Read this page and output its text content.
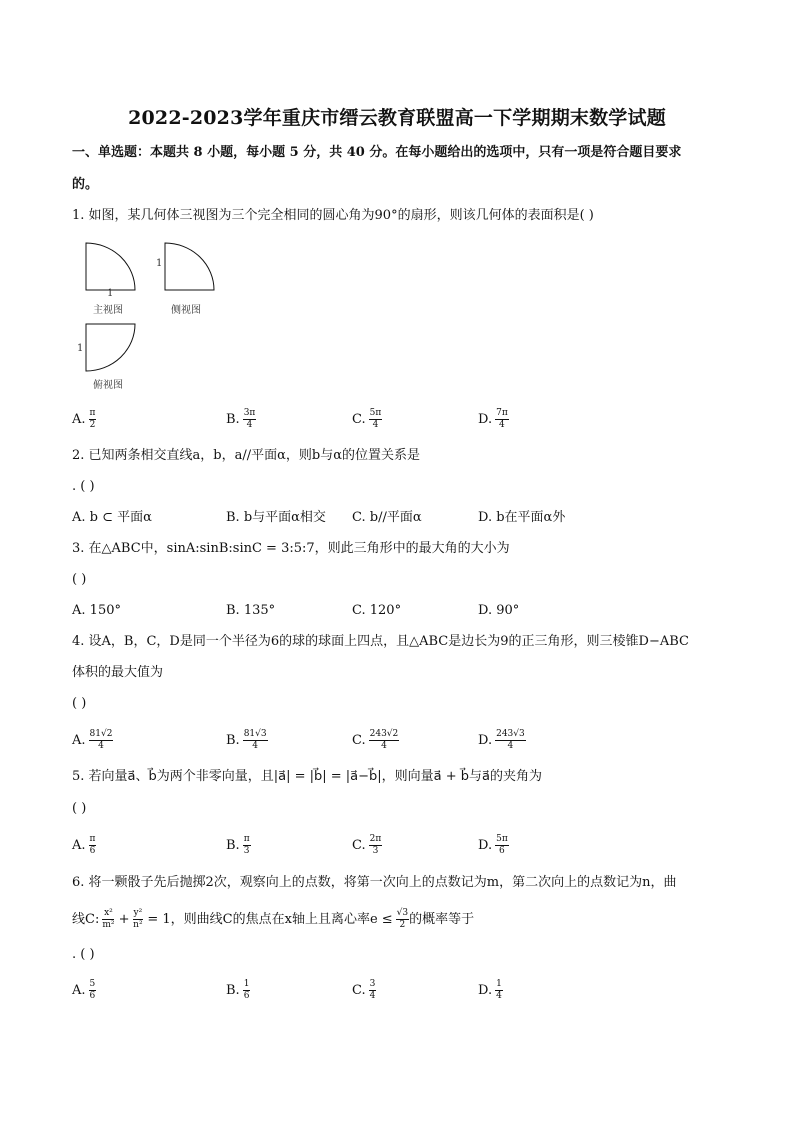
2022-2023学年重庆市缙云教育联盟高一下学期期末数学试题
一、单选题：本题共 8 小题，每小题 5 分，共 40 分。在每小题给出的选项中，只有一项是符合题目要求
的。
1. 如图，某几何体三视图为三个完全相同的圆心角为90°的扇形，则该几何体的表面积是( )
1
1
1
主视图	侧视图
俯视图
A. $\frac{\pi}{2}$	B. $\frac{3\pi}{4}$	C. $\frac{5\pi}{4}$	D. $\frac{7\pi}{4}$
2. 已知两条相交直线a，b，a//平面α，则b与α的位置关系是
. ( )
A. b ⊂ 平面α	B. b与平面α相交 C. b//平面α	D. b在平面α外
3. 在△ABC中，sinA:sinB:sinC = 3:5:7，则此三角形中的最大角的大小为
( )
A. 150°	B. 135°	C. 120°	D. 90°
4. 设A，B，C，D是同一个半径为6的球的球面上四点，且△ABC是边长为9的正三角形，则三棱锥D−ABC
体积的最大值为
( )
A. $\frac{81√2}{4}$	B. $\frac{81√3}{4}$	C. $\frac{243√2}{4}$	D. $\frac{243√3}{4}$
5. 若向量a⃗、b⃗为两个非零向量，且|a⃗| = |b⃗| = |a⃗−b⃗|，则向量a⃗ + b⃗与a⃗的夹角为
( )
A. $\frac{\pi}{6}$	B. $\frac{\pi}{3}$	C. $\frac{2\pi}{3}$	D. $\frac{5\pi}{6}$
6. 将一颗骰子先后抛掷2次，观察向上的点数，将第一次向上的点数记为m，第二次向上的点数记为n，曲
线C: $\frac{\text{x²}}{\text{m²}} + \frac{\text{y²}}{\text{n²}} = 1$，则曲线C的焦点在x轴上且离心率$e \le \frac{√3}{2}$ 的概率等于
. ( )
A. $\frac{5}{6}$	B. $\frac{1}{6}$	C. $\frac{3}{4}$	D. $\frac{1}{4}$
